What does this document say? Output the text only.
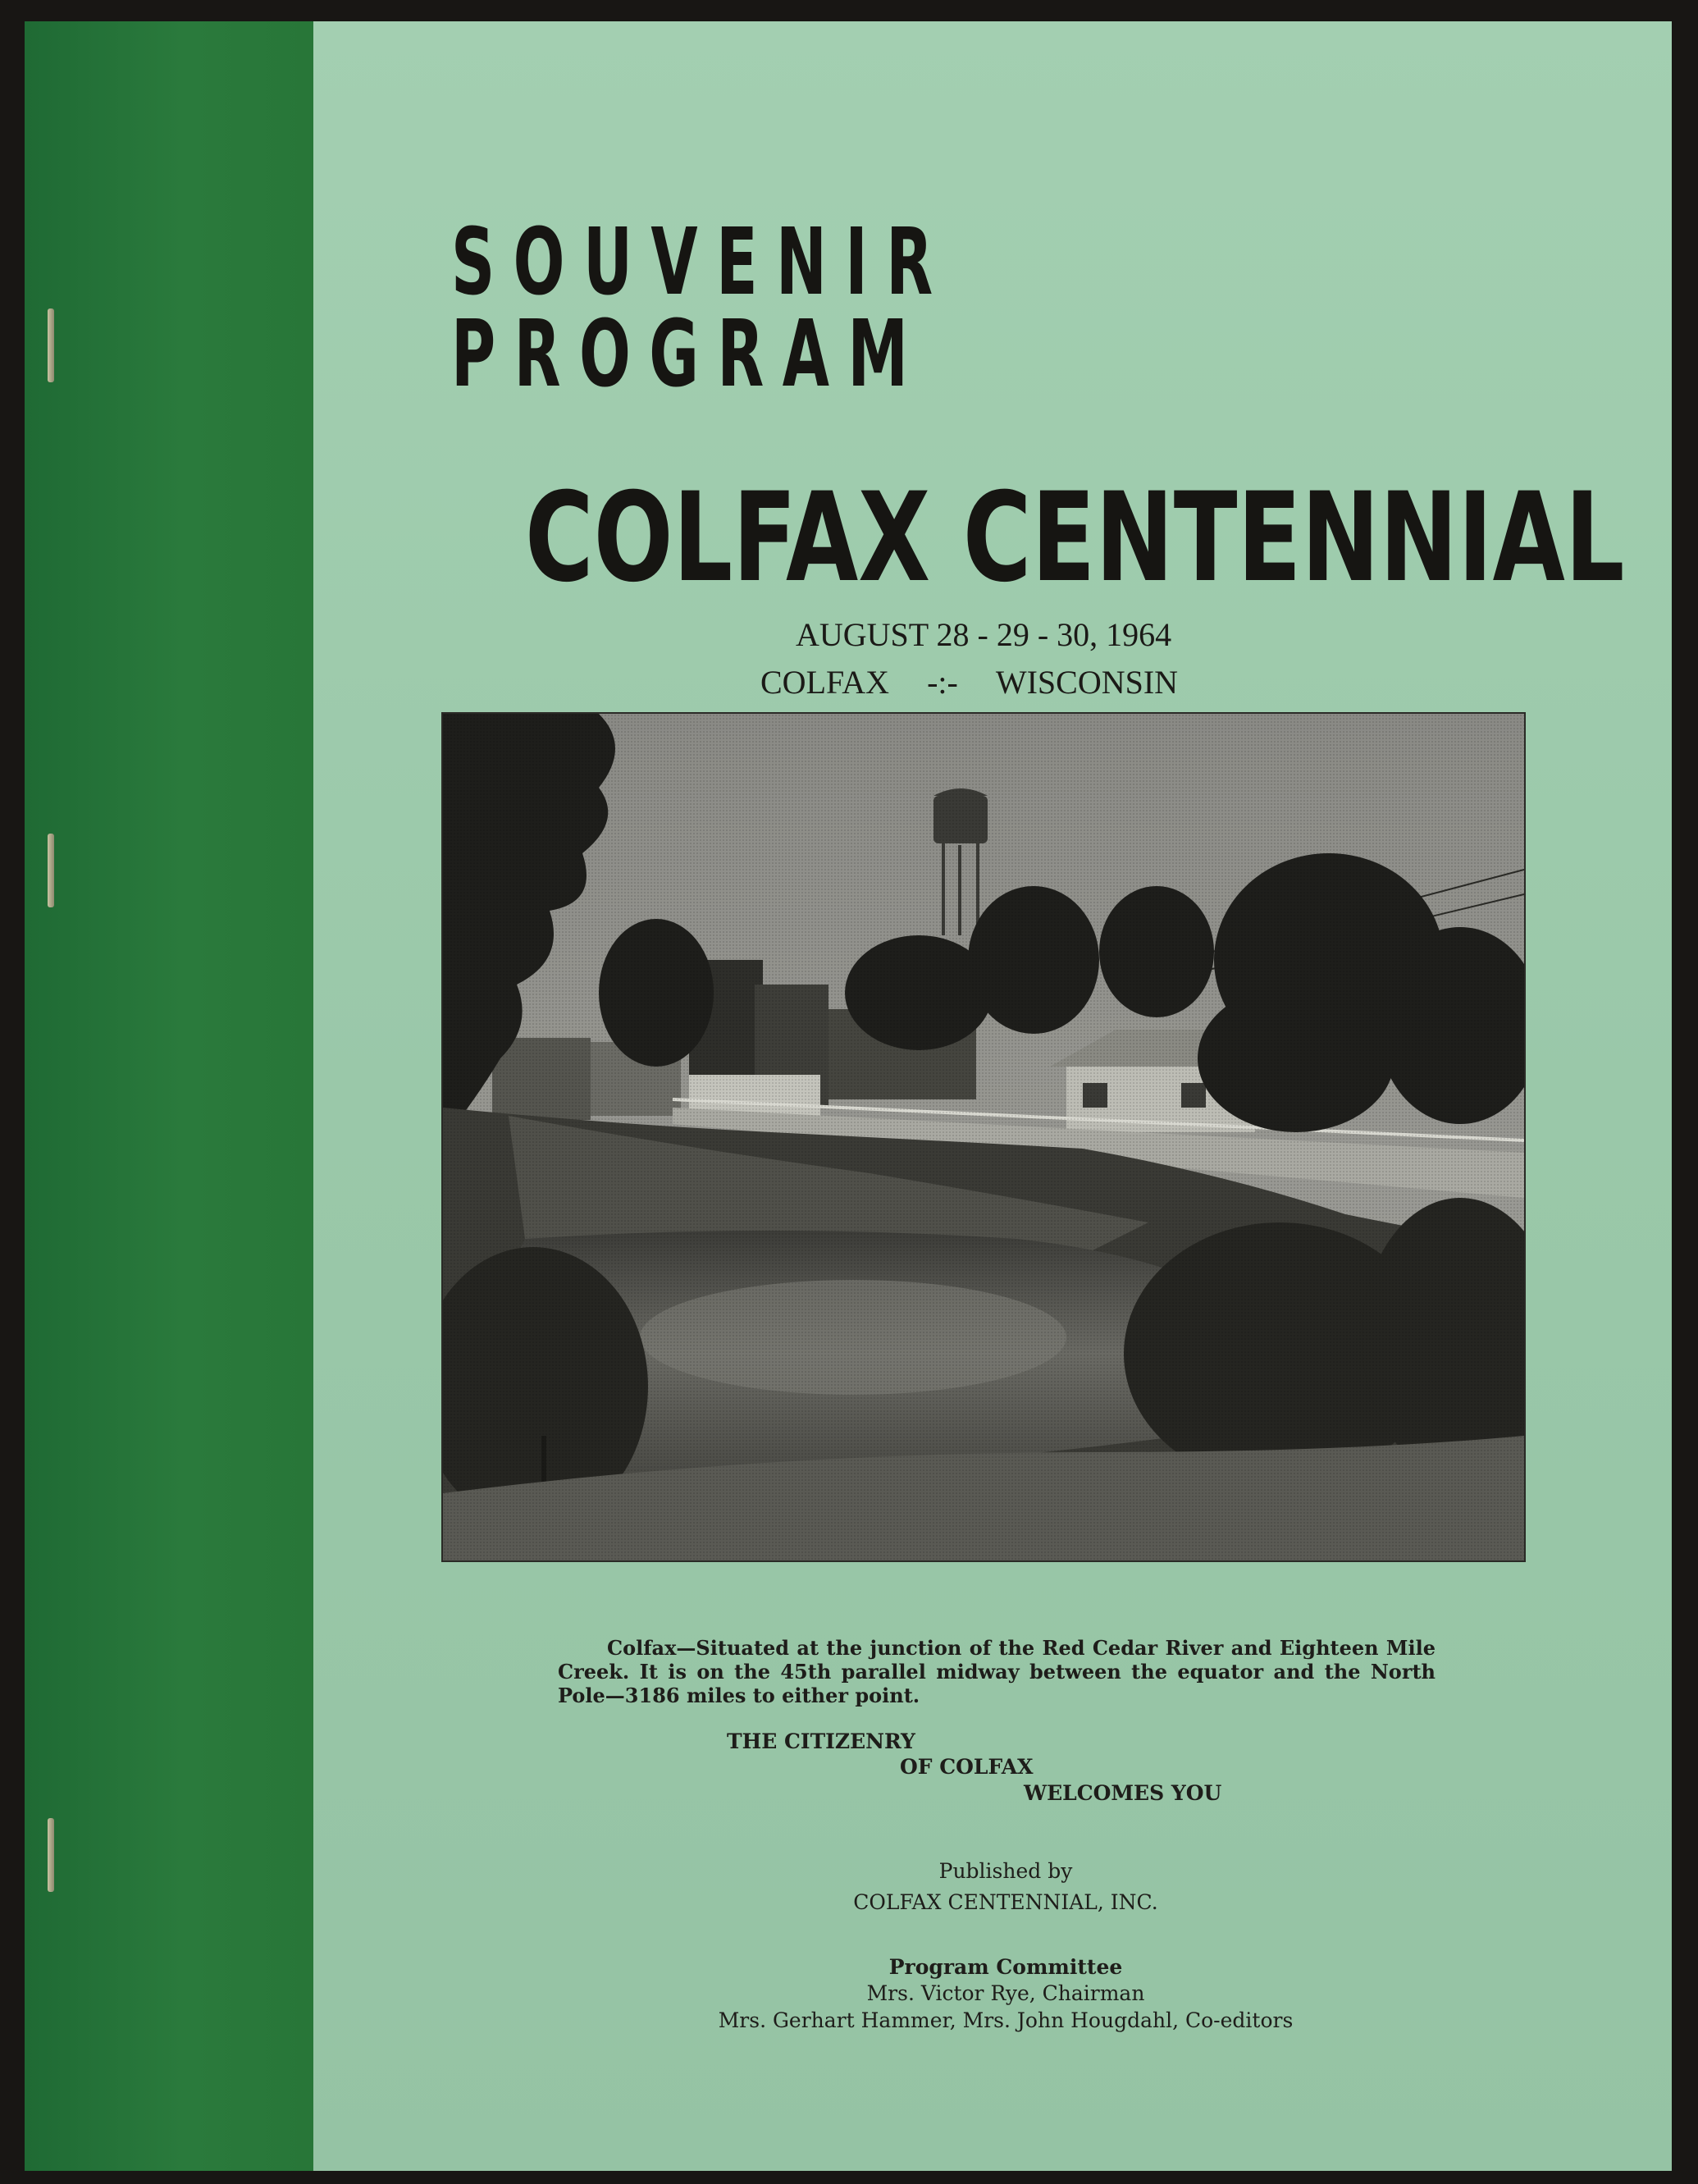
SOUVENIR
PROGRAM
COLFAX CENTENNIAL
AUGUST 28 - 29 - 30, 1964
COLFAX -:- WISCONSIN

Colfax—Situated at the junction of the Red Cedar River and Eighteen Mile Creek. It is on the 45th parallel midway between the equator and the North Pole—3186 miles to either point.

THE CITIZENRY
OF COLFAX
WELCOMES YOU
Published by
COLFAX CENTENNIAL, INC.
Program Committee
Mrs. Victor Rye, Chairman
Mrs. Gerhart Hammer, Mrs. John Hougdahl, Co-editors
